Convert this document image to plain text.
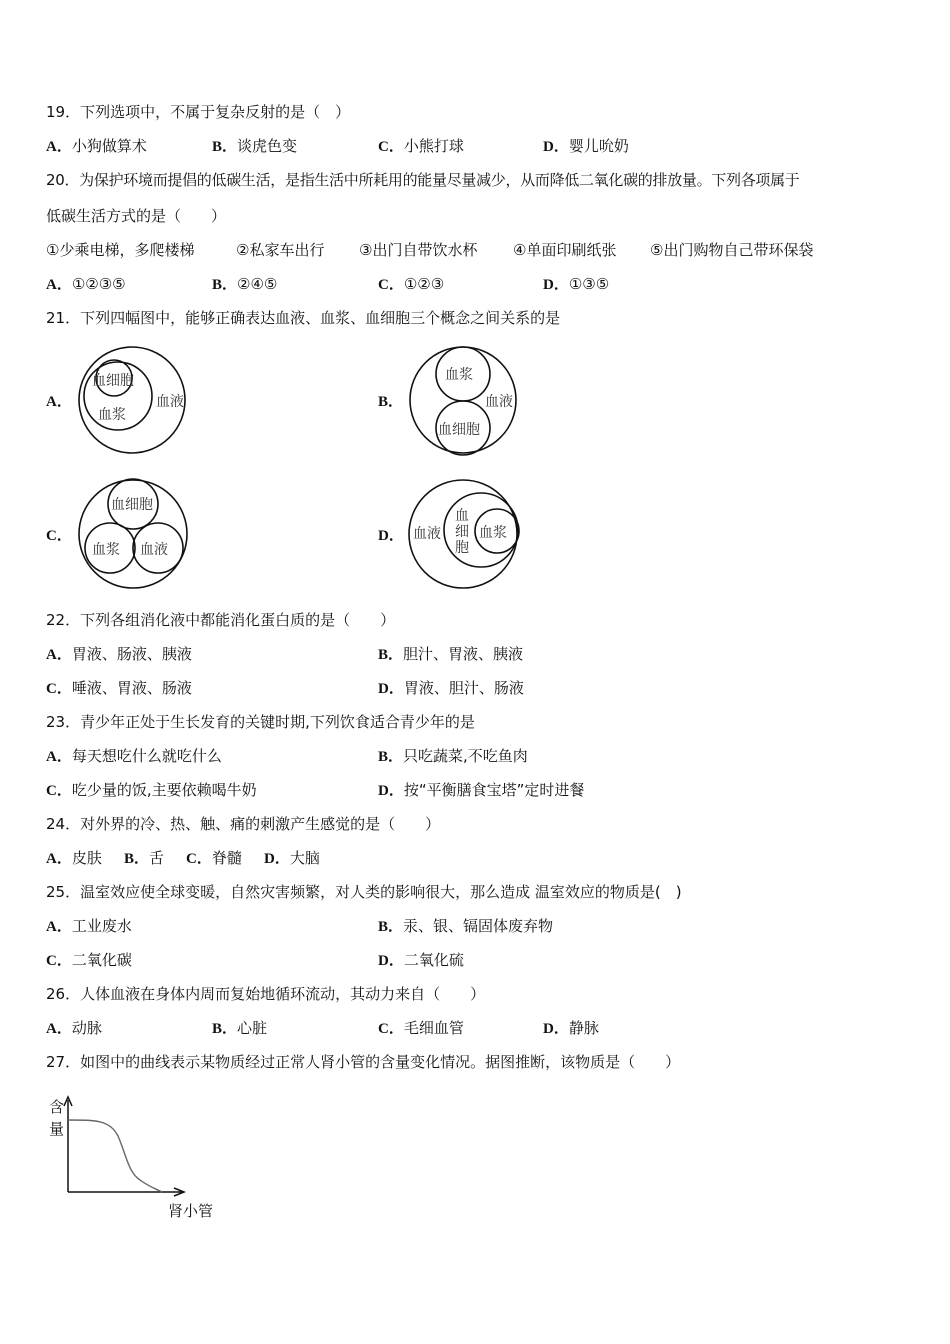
19．下列选项中，不属于复杂反射的是（　）
A．小狗做算术	B．谈虎色变	C．小熊打球	D．婴儿吮奶
20．为保护环境而提倡的低碳生活，是指生活中所耗用的能量尽量减少，从而降低二氧化碳的排放量。下列各项属于
低碳生活方式的是（　　）
①少乘电梯，多爬楼梯	②私家车出行 ③出门自带饮水杯 ④单面印刷纸张 ⑤出门购物自己带环保袋
A．①②③⑤	B．②④⑤	C．①②③	D．①③⑤
21．下列四幅图中，能够正确表达血液、血浆、血细胞三个概念之间关系的是
A．
血细胞
血浆
血液	B．
血浆
血液
血细胞
C．
血细胞
血浆 血液
D． 血液
血
细
胞
血浆
22．下列各组消化液中都能消化蛋白质的是（　　）
A．胃液、肠液、胰液	B．胆汁、胃液、胰液
C．唾液、胃液、肠液	D．胃液、胆汁、肠液
23．青少年正处于生长发育的关键时期,下列饮食适合青少年的是
A．每天想吃什么就吃什么	B．只吃蔬菜,不吃鱼肉
C．吃少量的饭,主要依赖喝牛奶	D．按“平衡膳食宝塔”定时进餐
24．对外界的冷、热、触、痛的刺激产生感觉的是（　　）
A．皮肤 B．舌 C．脊髓 D．大脑
25．温室效应使全球变暖，自然灾害频繁，对人类的影响很大，那么造成 温室效应的物质是(　)
A．工业废水	B．汞、银、镉固体废弃物
C．二氧化碳	D．二氧化硫
26．人体血液在身体内周而复始地循环流动，其动力来自（　　）
A．动脉	B．心脏	C．毛细血管	D．静脉
27．如图中的曲线表示某物质经过正常人肾小管的含量变化情况。据图推断，该物质是（　　）
含
量
肾小管
